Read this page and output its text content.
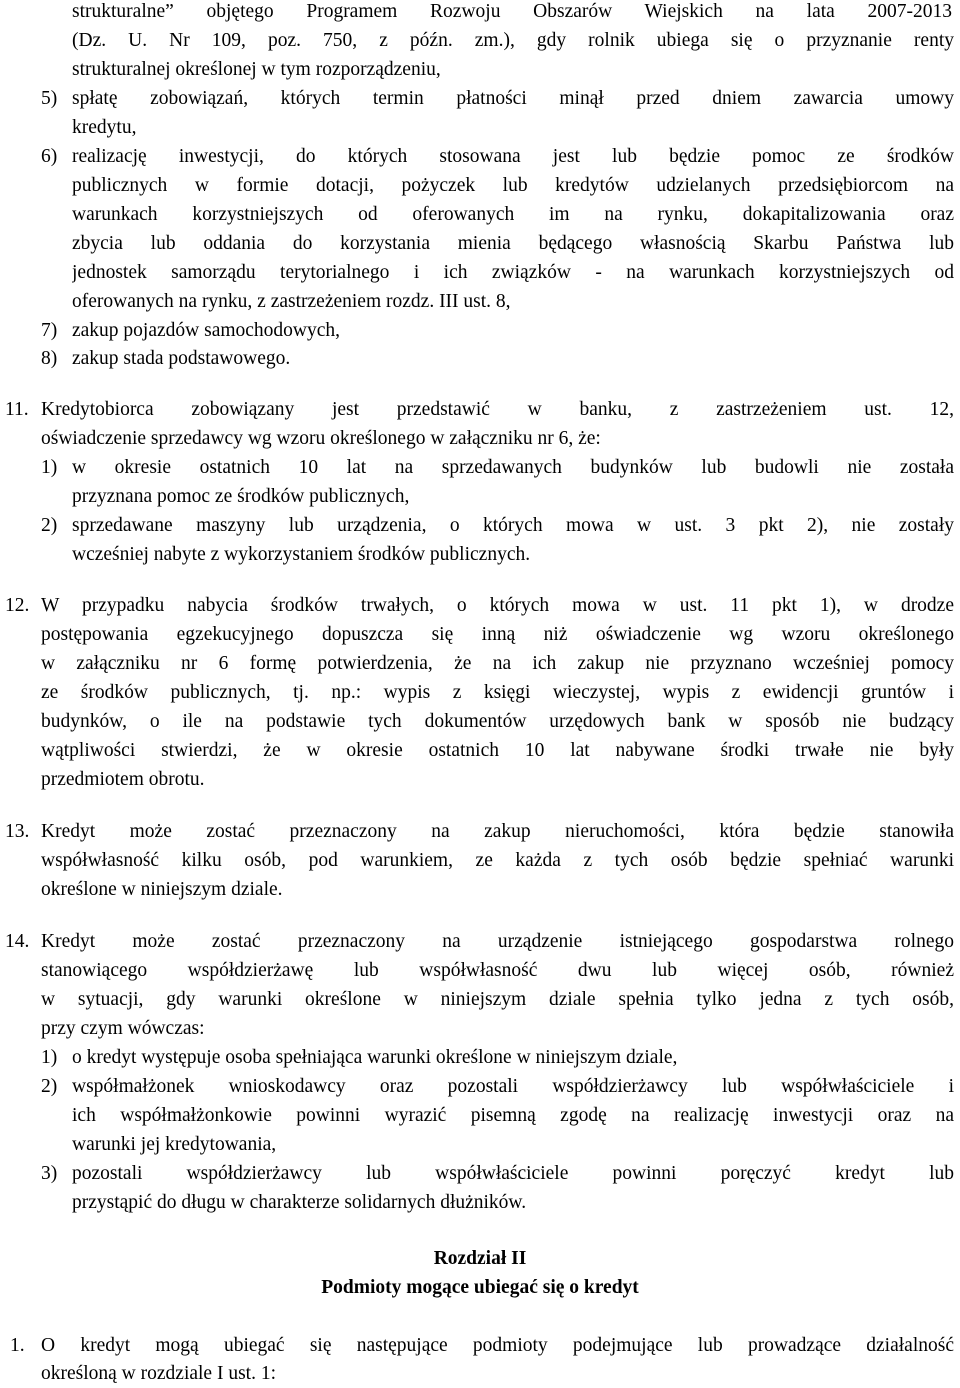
strukturalne” objętego Programem Rozwoju Obszarów Wiejskich na lata 2007-2013
(Dz. U. Nr 109, poz. 750, z późn. zm.), gdy rolnik ubiega się o przyznanie renty
strukturalnej określonej w tym rozporządzeniu,
5) spłatę zobowiązań, których termin płatności minął przed dniem zawarcia umowy
kredytu,
6) realizację inwestycji, do których stosowana jest lub będzie pomoc ze środków
publicznych w formie dotacji, pożyczek lub kredytów udzielanych przedsiębiorcom na
warunkach korzystniejszych od oferowanych im na rynku, dokapitalizowania oraz
zbycia lub oddania do korzystania mienia będącego własnością Skarbu Państwa lub
jednostek samorządu terytorialnego i ich związków - na warunkach korzystniejszych od
oferowanych na rynku, z zastrzeżeniem rozdz. III ust. 8,
7) zakup pojazdów samochodowych,
8) zakup stada podstawowego.
11. Kredytobiorca zobowiązany jest przedstawić w banku, z zastrzeżeniem ust. 12,
oświadczenie sprzedawcy wg wzoru określonego w załączniku nr 6, że:
1) w okresie ostatnich 10 lat na sprzedawanych budynków lub budowli nie została
przyznana pomoc ze środków publicznych,
2) sprzedawane maszyny lub urządzenia, o których mowa w ust. 3 pkt 2), nie zostały
wcześniej nabyte z wykorzystaniem środków publicznych.
12. W przypadku nabycia środków trwałych, o których mowa w ust. 11 pkt 1), w drodze
postępowania egzekucyjnego dopuszcza się inną niż oświadczenie wg wzoru określonego
w załączniku nr 6 formę potwierdzenia, że na ich zakup nie przyznano wcześniej pomocy
ze środków publicznych, tj. np.: wypis z księgi wieczystej, wypis z ewidencji gruntów i
budynków, o ile na podstawie tych dokumentów urzędowych bank w sposób nie budzący
wątpliwości stwierdzi, że w okresie ostatnich 10 lat nabywane środki trwałe nie były
przedmiotem obrotu.
13. Kredyt może zostać przeznaczony na zakup nieruchomości, która będzie stanowiła
współwłasność kilku osób, pod warunkiem, ze każda z tych osób będzie spełniać warunki
określone w niniejszym dziale.
14. Kredyt może zostać przeznaczony na urządzenie istniejącego gospodarstwa rolnego
stanowiącego współdzierżawę lub współwłasność dwu lub więcej osób, również
w sytuacji, gdy warunki określone w niniejszym dziale spełnia tylko jedna z tych osób,
przy czym wówczas:
1) o kredyt występuje osoba spełniająca warunki określone w niniejszym dziale,
2) współmałżonek wnioskodawcy oraz pozostali współdzierżawcy lub współwłaściciele i
ich współmałżonkowie powinni wyrazić pisemną zgodę na realizację inwestycji oraz na
warunki jej kredytowania,
3) pozostali współdzierżawcy lub współwłaściciele powinni poręczyć kredyt lub
przystąpić do długu w charakterze solidarnych dłużników.
Rozdział II
Podmioty mogące ubiegać się o kredyt
1. O kredyt mogą ubiegać się następujące podmioty podejmujące lub prowadzące działalność
określoną w rozdziale I ust. 1:
